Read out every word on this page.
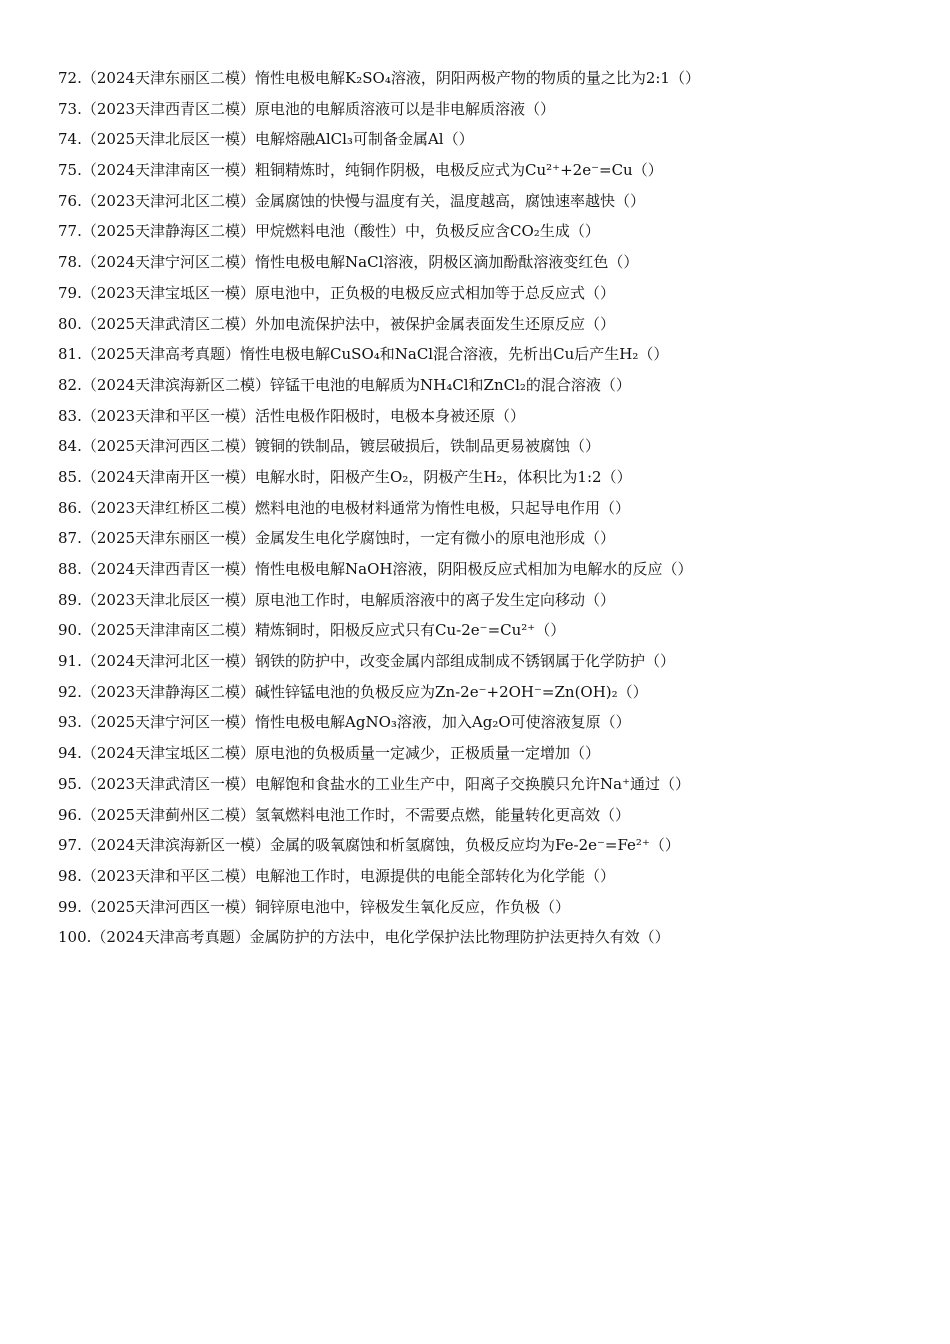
72.（2024天津东丽区二模）惰性电极电解K₂SO₄溶液，阴阳两极产物的物质的量之比为2:1（）
73.（2023天津西青区二模）原电池的电解质溶液可以是非电解质溶液（）
74.（2025天津北辰区一模）电解熔融AlCl₃可制备金属Al（）
75.（2024天津津南区一模）粗铜精炼时，纯铜作阴极，电极反应式为Cu²⁺+2e⁻=Cu（）
76.（2023天津河北区二模）金属腐蚀的快慢与温度有关，温度越高，腐蚀速率越快（）
77.（2025天津静海区二模）甲烷燃料电池（酸性）中，负极反应含CO₂生成（）
78.（2024天津宁河区二模）惰性电极电解NaCl溶液，阴极区滴加酚酞溶液变红色（）
79.（2023天津宝坻区一模）原电池中，正负极的电极反应式相加等于总反应式（）
80.（2025天津武清区二模）外加电流保护法中，被保护金属表面发生还原反应（）
81.（2025天津高考真题）惰性电极电解CuSO₄和NaCl混合溶液，先析出Cu后产生H₂（）
82.（2024天津滨海新区二模）锌锰干电池的电解质为NH₄Cl和ZnCl₂的混合溶液（）
83.（2023天津和平区一模）活性电极作阳极时，电极本身被还原（）
84.（2025天津河西区二模）镀铜的铁制品，镀层破损后，铁制品更易被腐蚀（）
85.（2024天津南开区一模）电解水时，阳极产生O₂，阴极产生H₂，体积比为1:2（）
86.（2023天津红桥区二模）燃料电池的电极材料通常为惰性电极，只起导电作用（）
87.（2025天津东丽区一模）金属发生电化学腐蚀时，一定有微小的原电池形成（）
88.（2024天津西青区一模）惰性电极电解NaOH溶液，阴阳极反应式相加为电解水的反应（）
89.（2023天津北辰区一模）原电池工作时，电解质溶液中的离子发生定向移动（）
90.（2025天津津南区二模）精炼铜时，阳极反应式只有Cu-2e⁻=Cu²⁺（）
91.（2024天津河北区一模）钢铁的防护中，改变金属内部组成制成不锈钢属于化学防护（）
92.（2023天津静海区二模）碱性锌锰电池的负极反应为Zn-2e⁻+2OH⁻=Zn(OH)₂（）
93.（2025天津宁河区一模）惰性电极电解AgNO₃溶液，加入Ag₂O可使溶液复原（）
94.（2024天津宝坻区二模）原电池的负极质量一定减少，正极质量一定增加（）
95.（2023天津武清区一模）电解饱和食盐水的工业生产中，阳离子交换膜只允许Na⁺通过（）
96.（2025天津蓟州区二模）氢氧燃料电池工作时，不需要点燃，能量转化更高效（）
97.（2024天津滨海新区一模）金属的吸氧腐蚀和析氢腐蚀，负极反应均为Fe-2e⁻=Fe²⁺（）
98.（2023天津和平区二模）电解池工作时，电源提供的电能全部转化为化学能（）
99.（2025天津河西区一模）铜锌原电池中，锌极发生氧化反应，作负极（）
100.（2024天津高考真题）金属防护的方法中，电化学保护法比物理防护法更持久有效（）
